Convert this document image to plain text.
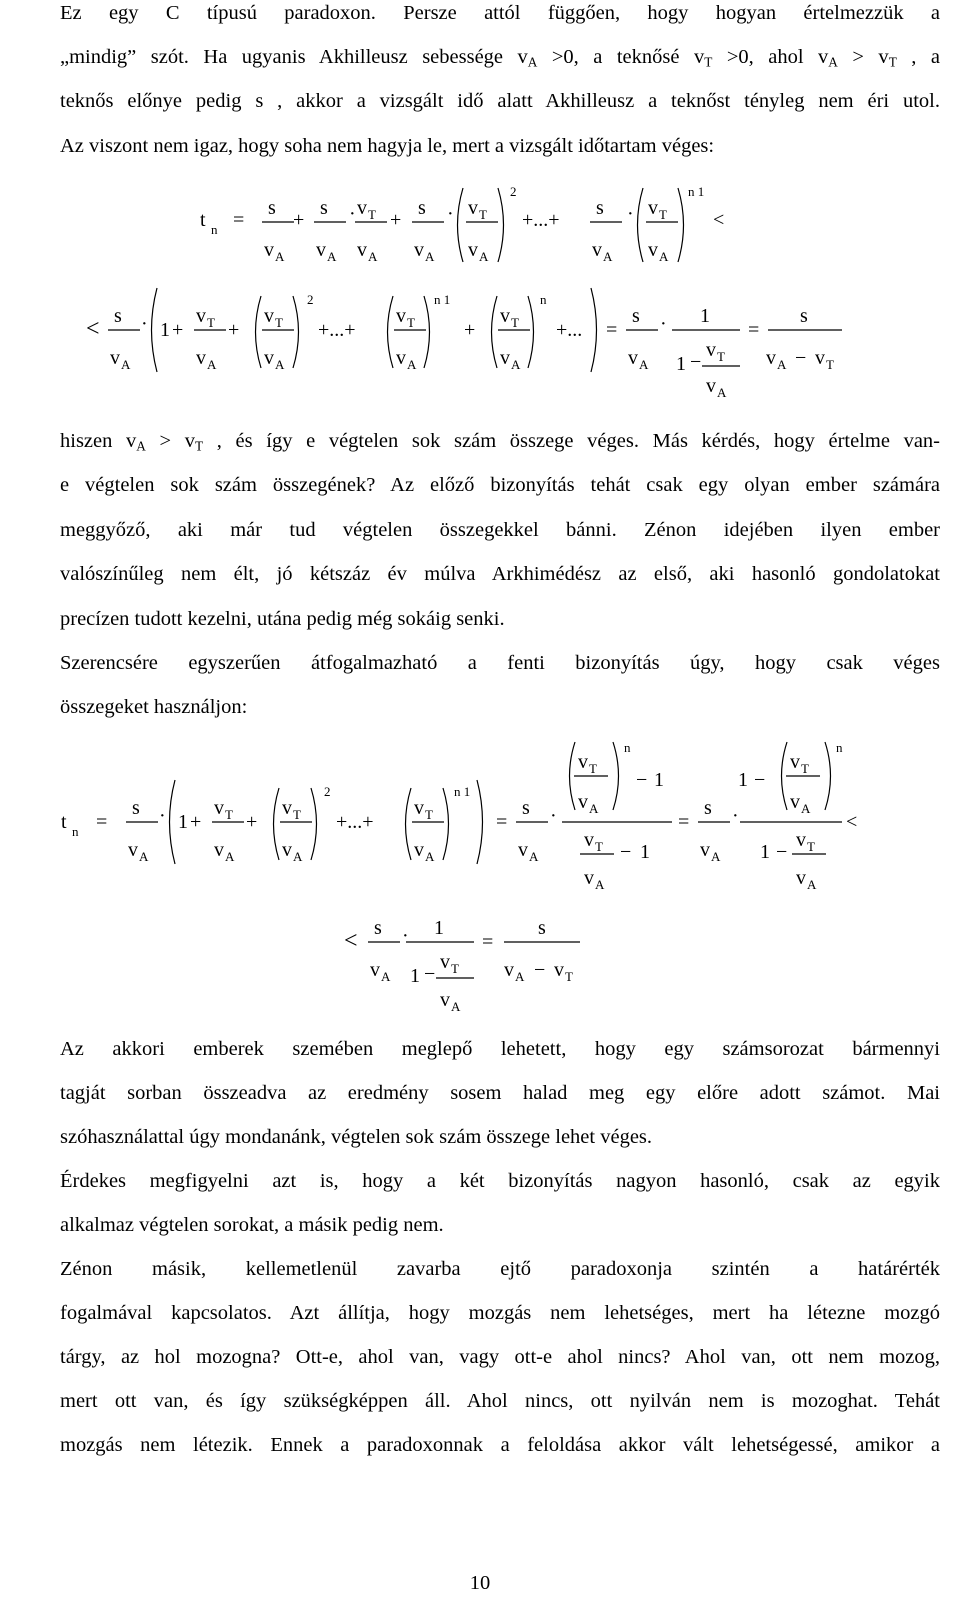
Ez egy C típusú paradoxon. Persze attól függően, hogy hogyan értelmezzük a
„mindig” szót. Ha ugyanis Akhilleusz sebessége $v_A >0$, a teknősé $v_T >0$, ahol $v_A > v_T$ , a
teknős előnye pedig s , akkor a vizsgált idő alatt Akhilleusz a teknőst tényleg nem éri utol.
Az viszont nem igaz, hogy soha nem hagyja le, mert a vizsgált időtartam véges:
hiszen $v_A > v_T$ , és így e végtelen sok szám összege véges. Más kérdés, hogy értelme van-
e végtelen sok szám összegének? Az előző bizonyítás tehát csak egy olyan ember számára
meggyőző, aki már tud végtelen összegekkel bánni. Zénon idejében ilyen ember
valószínűleg nem élt, jó kétszáz év múlva Arkhimédész az első, aki hasonló gondolatokat
precízen tudott kezelni, utána pedig még sokáig senki.
Szerencsére egyszerűen átfogalmazható a fenti bizonyítás úgy, hogy csak véges
összegeket használjon:
Az akkori emberek szemében meglepő lehetett, hogy egy számsorozat bármennyi
tagját sorban összeadva az eredmény sosem halad meg egy előre adott számot. Mai
szóhasználattal úgy mondanánk, végtelen sok szám összege lehet véges.
Érdekes megfigyelni azt is, hogy a két bizonyítás nagyon hasonló, csak az egyik
alkalmaz végtelen sorokat, a másik pedig nem.
Zénon másik, kellemetlenül zavarba ejtő paradoxonja szintén a határérték
fogalmával kapcsolatos. Azt állítja, hogy mozgás nem lehetséges, mert ha létezne mozgó
tárgy, az hol mozogna? Ott-e, ahol van, vagy ott-e ahol nincs? Ahol van, ott nem mozog,
mert ott van, és így szükségképpen áll. Ahol nincs, ott nyilván nem is mozoghat. Tehát
mozgás nem létezik. Ennek a paradoxonnak a feloldása akkor vált lehetségessé, amikor a
t n =
s
v A
+
s
v A
· v T
v A
+
s
v A
· v T
v A
2
+...+
s
v A
· v T
v A
n 1
<
< s
v A
· 1 +
v T
v A
+
v T
v A
2
+...+
v T
v A
n 1
+
v T
v A
n
+... =
s
v A
· 1
1 −
v T
v A
=
s
v A − v T
t n =
s
v A
· 1 +
v T
v A
+
v T
v A
2
+...+
v T
v A
n 1
=
s
v A
·
v T
v A
n
− 1
v T
v A
− 1
=
s
v A
·
1 −
v T
v A
n
1 −
v T
v A
<
< s
v A
· 1
1 −
v T
v A
=
s
v A − v T
10
